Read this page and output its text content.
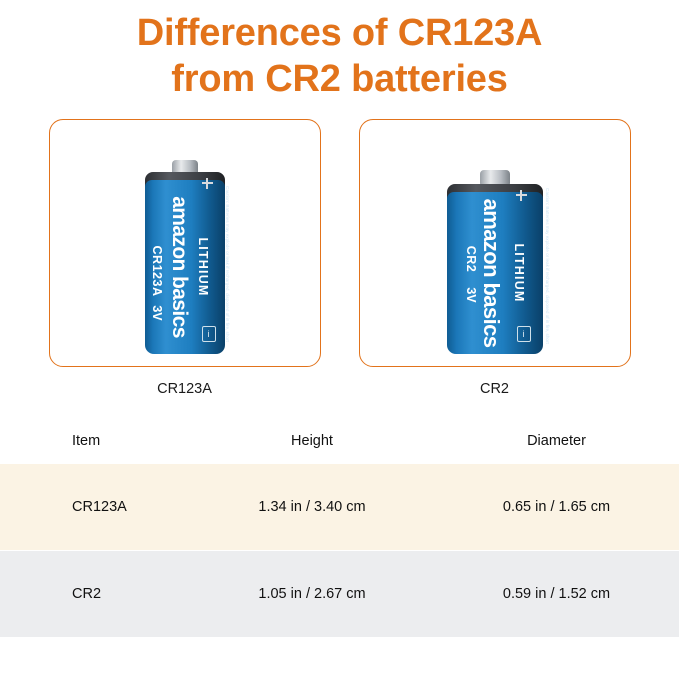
Differences of CR123A
from CR2 batteries
amazon basics LITHIUM
CR123A
3V	Caution: Batteries may explode or leak if recharged, disposed of in fire, short
i
CR123A
amazon basics LITHIUM
CR2
3V	Caution: Batteries may explode or leak if recharged, disposed of in fire, short
i
CR2
Item	Height	Diameter
CR123A	1.34 in / 3.40 cm	0.65 in / 1.65 cm
CR2	1.05 in / 2.67 cm	0.59 in / 1.52 cm
